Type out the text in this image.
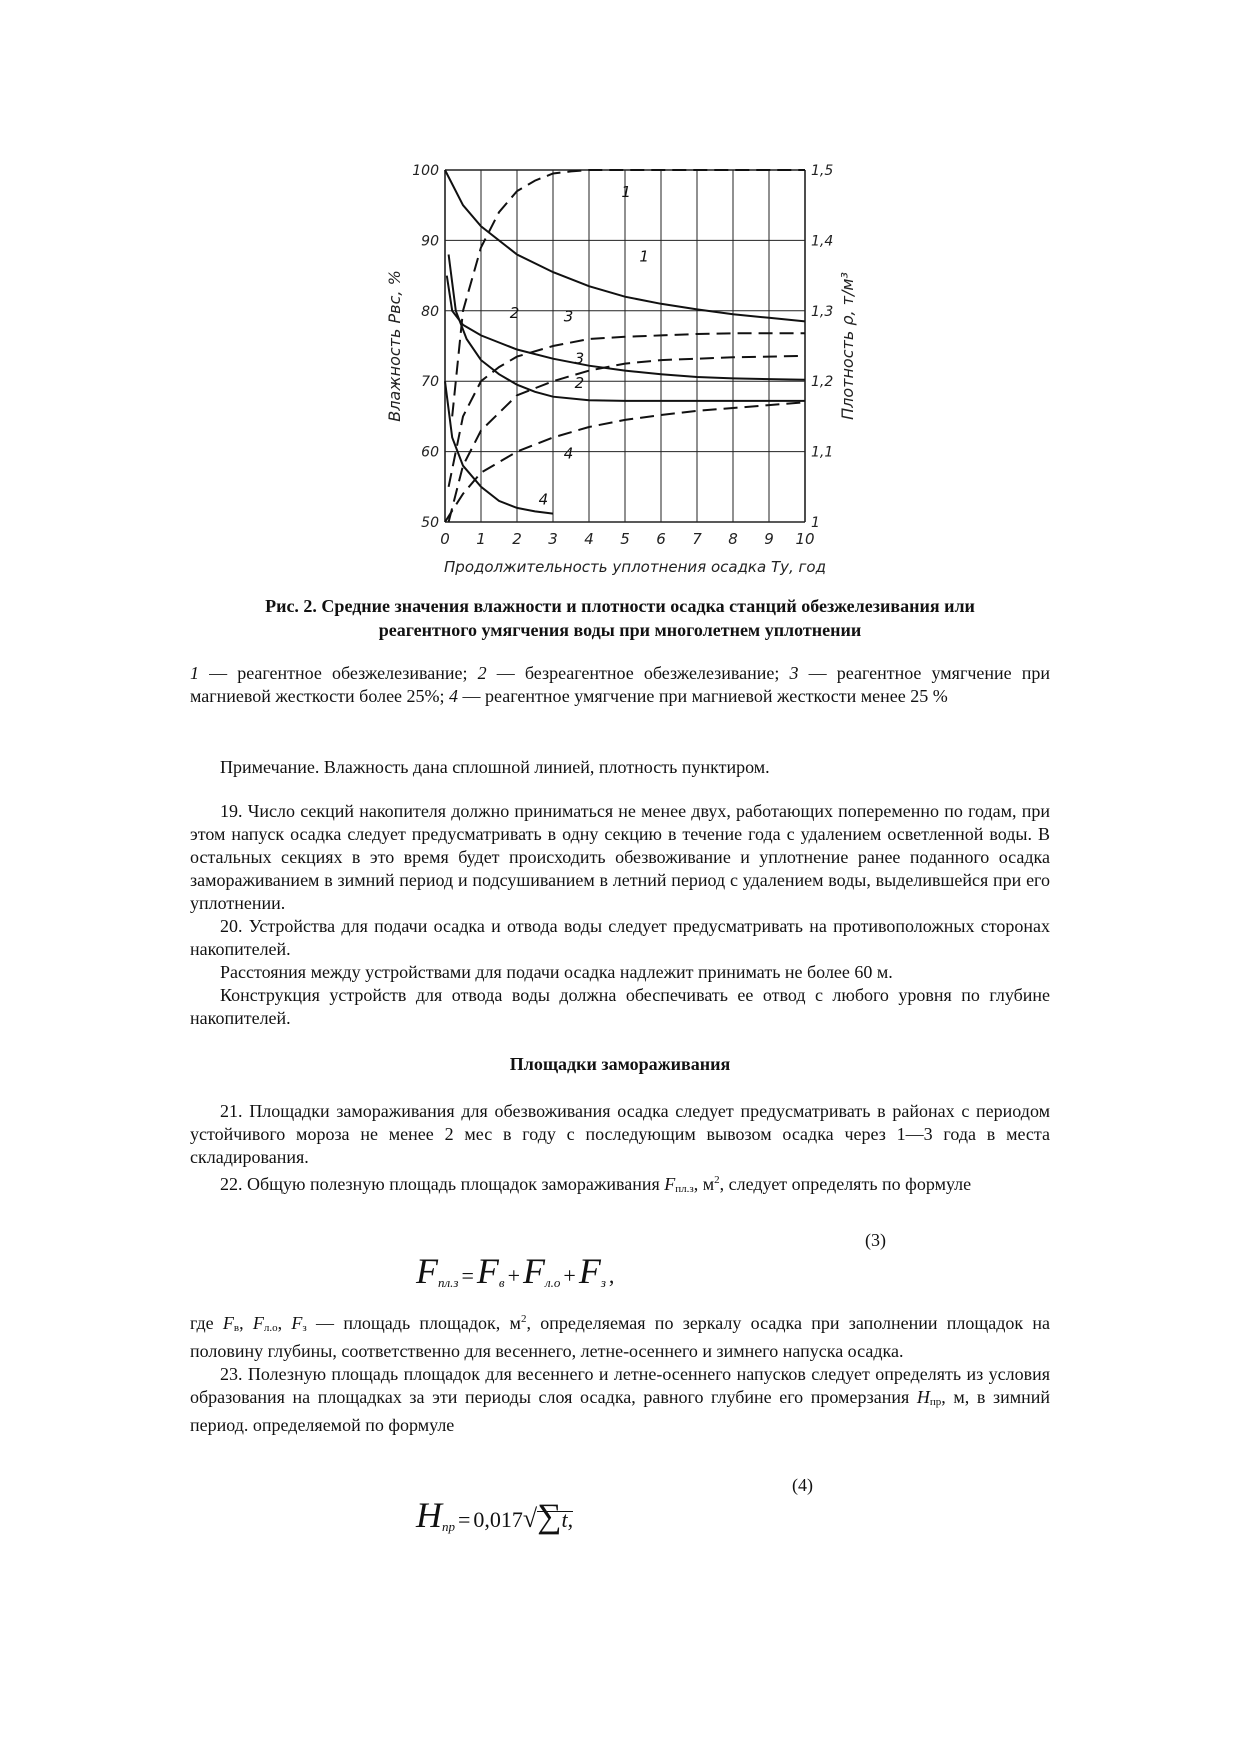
0 1 2 3 4 5 6 7 8 9 10
100
90
80
70
60
50
1,5
1,4
1,3
1,2
1,1
1
Продолжительность уплотнения осадка Ту, год
Влажность Рвс, %	Плотность ρ, т/м³
1
2
3
4
1
2
3
4
Рис. 2. Средние значения влажности и плотности осадка станций обезжелезивания или
реагентного умягчения воды при многолетнем уплотнении

1 — реагентное обезжелезивание; 2 — безреагентное обезжелезивание; 3 — реагентное умягчение при магниевой жесткости более 25%; 4 — реагентное умягчение при магниевой жесткости менее 25 %

Примечание. Влажность дана сплошной линией, плотность пунктиром.

19. Число секций накопителя должно приниматься не менее двух, работающих попеременно по годам, при этом напуск осадка следует предусматривать в одну секцию в течение года с удалением осветленной воды. В остальных секциях в это время будет происходить обезвоживание и уплотнение ранее поданного осадка замораживанием в зимний период и подсушиванием в летний период с удалением воды, выделившейся при его уплотнении.

20. Устройства для подачи осадка и отвода воды следует предусматривать на противоположных сторонах накопителей.

Расстояния между устройствами для подачи осадка надлежит принимать не более 60 м.

Конструкция устройств для отвода воды должна обеспечивать ее отвод с любого уровня по глубине накопителей.

Площадки замораживания

21. Площадки замораживания для обезвоживания осадка следует предусматривать в районах с периодом устойчивого мороза не менее 2 мес в году с последующим вывозом осадка через 1—3 года в места складирования.

22. Общую полезную площадь площадок замораживания Fпл.з, $м^2$, следует определять по формуле

$F_{пл.з} =F_в +F_{л.о} +F_з$ ,
(3)

где Fв, Fл.о, Fз — площадь площадок, $м^2$, определяемая по зеркалу осадка при заполнении площадок на половину глубины, соответственно для весеннего, летне-осеннего и зимнего напуска осадка.

23. Полезную площадь площадок для весеннего и летне-осеннего напусков следует определять из условия образования на площадках за эти периоды слоя осадка, равного глубине его промерзания Hпр, м, в зимний период. определяемой по формуле

$H_{пр} = 0,017√\sum t$,
(4)
